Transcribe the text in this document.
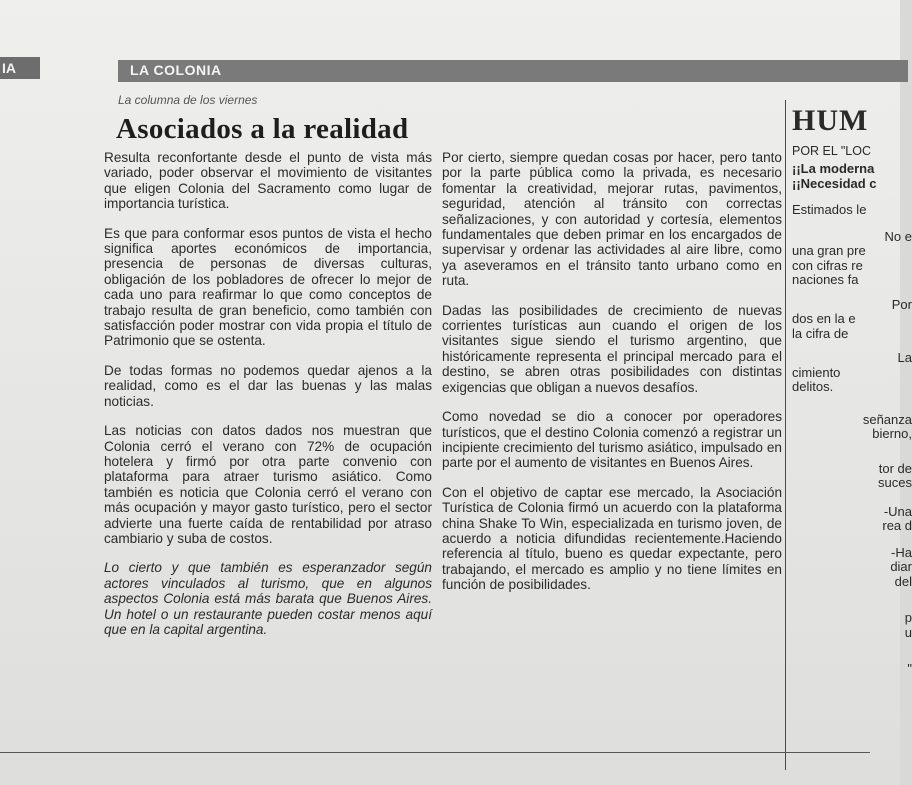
IA	LA COLONIA
La columna de los viernes
Asociados a la realidad

Resulta reconfortante desde el punto de vista más variado, poder observar el movimiento de visitantes que eligen Colonia del Sacramento como lugar de importancia turística.

Es que para conformar esos puntos de vista el hecho significa aportes económicos de importancia, presencia de personas de diversas culturas, obligación de los pobladores de ofrecer lo mejor de cada uno para reafirmar lo que como conceptos de trabajo resulta de gran beneficio, como también con satisfacción poder mostrar con vida propia el título de Patrimonio que se ostenta.

De todas formas no podemos quedar ajenos a la realidad, como es el dar las buenas y las malas noticias.

Las noticias con datos dados nos muestran que Colonia cerró el verano con 72% de ocupación hotelera y firmó por otra parte convenio con plataforma para atraer turismo asiático. Como también es noticia que Colonia cerró el verano con más ocupación y mayor gasto turístico, pero el sector advierte una fuerte caída de rentabilidad por atraso cambiario y suba de costos.

Lo cierto y que también es esperanzador según actores vinculados al turismo, que en algunos aspectos Colonia está más barata que Buenos Aires. Un hotel o un restaurante pueden costar menos aquí que en la capital argentina.

Por cierto, siempre quedan cosas por hacer, pero tanto por la parte pública como la privada, es necesario fomentar la creatividad, mejorar rutas, pavimentos, seguridad, atención al tránsito con correctas señalizaciones, y con autoridad y cortesía, elementos fundamentales que deben primar en los encargados de supervisar y ordenar las actividades al aire libre, como ya aseveramos en el tránsito tanto urbano como en ruta.

Dadas las posibilidades de crecimiento de nuevas corrientes turísticas aun cuando el origen de los visitantes sigue siendo el turismo argentino, que históricamente representa el principal mercado para el destino, se abren otras posibilidades con distintas exigencias que obligan a nuevos desafíos.

Como novedad se dio a conocer por operadores turísticos, que el destino Colonia comenzó a registrar un incipiente crecimiento del turismo asiático, impulsado en parte por el aumento de visitantes en Buenos Aires.

Con el objetivo de captar ese mercado, la Asociación Turística de Colonia firmó un acuerdo con la plataforma china Shake To Win, especializada en turismo joven, de acuerdo a noticia difundidas recientemente.Haciendo referencia al título, bueno es quedar expectante, pero trabajando, el mercado es amplio y no tiene límites en función de posibilidades.

HUM
POR EL "LOC
¡¡La moderna
¡¡Necesidad c
Estimados le
No e
una gran pre
con cifras re
naciones fa
Por
dos en la e
la cifra de
La
cimiento
delitos.
señanza
bierno,
tor de
suces
-Una
rea d
-Ha
diar
del
p
u
"
